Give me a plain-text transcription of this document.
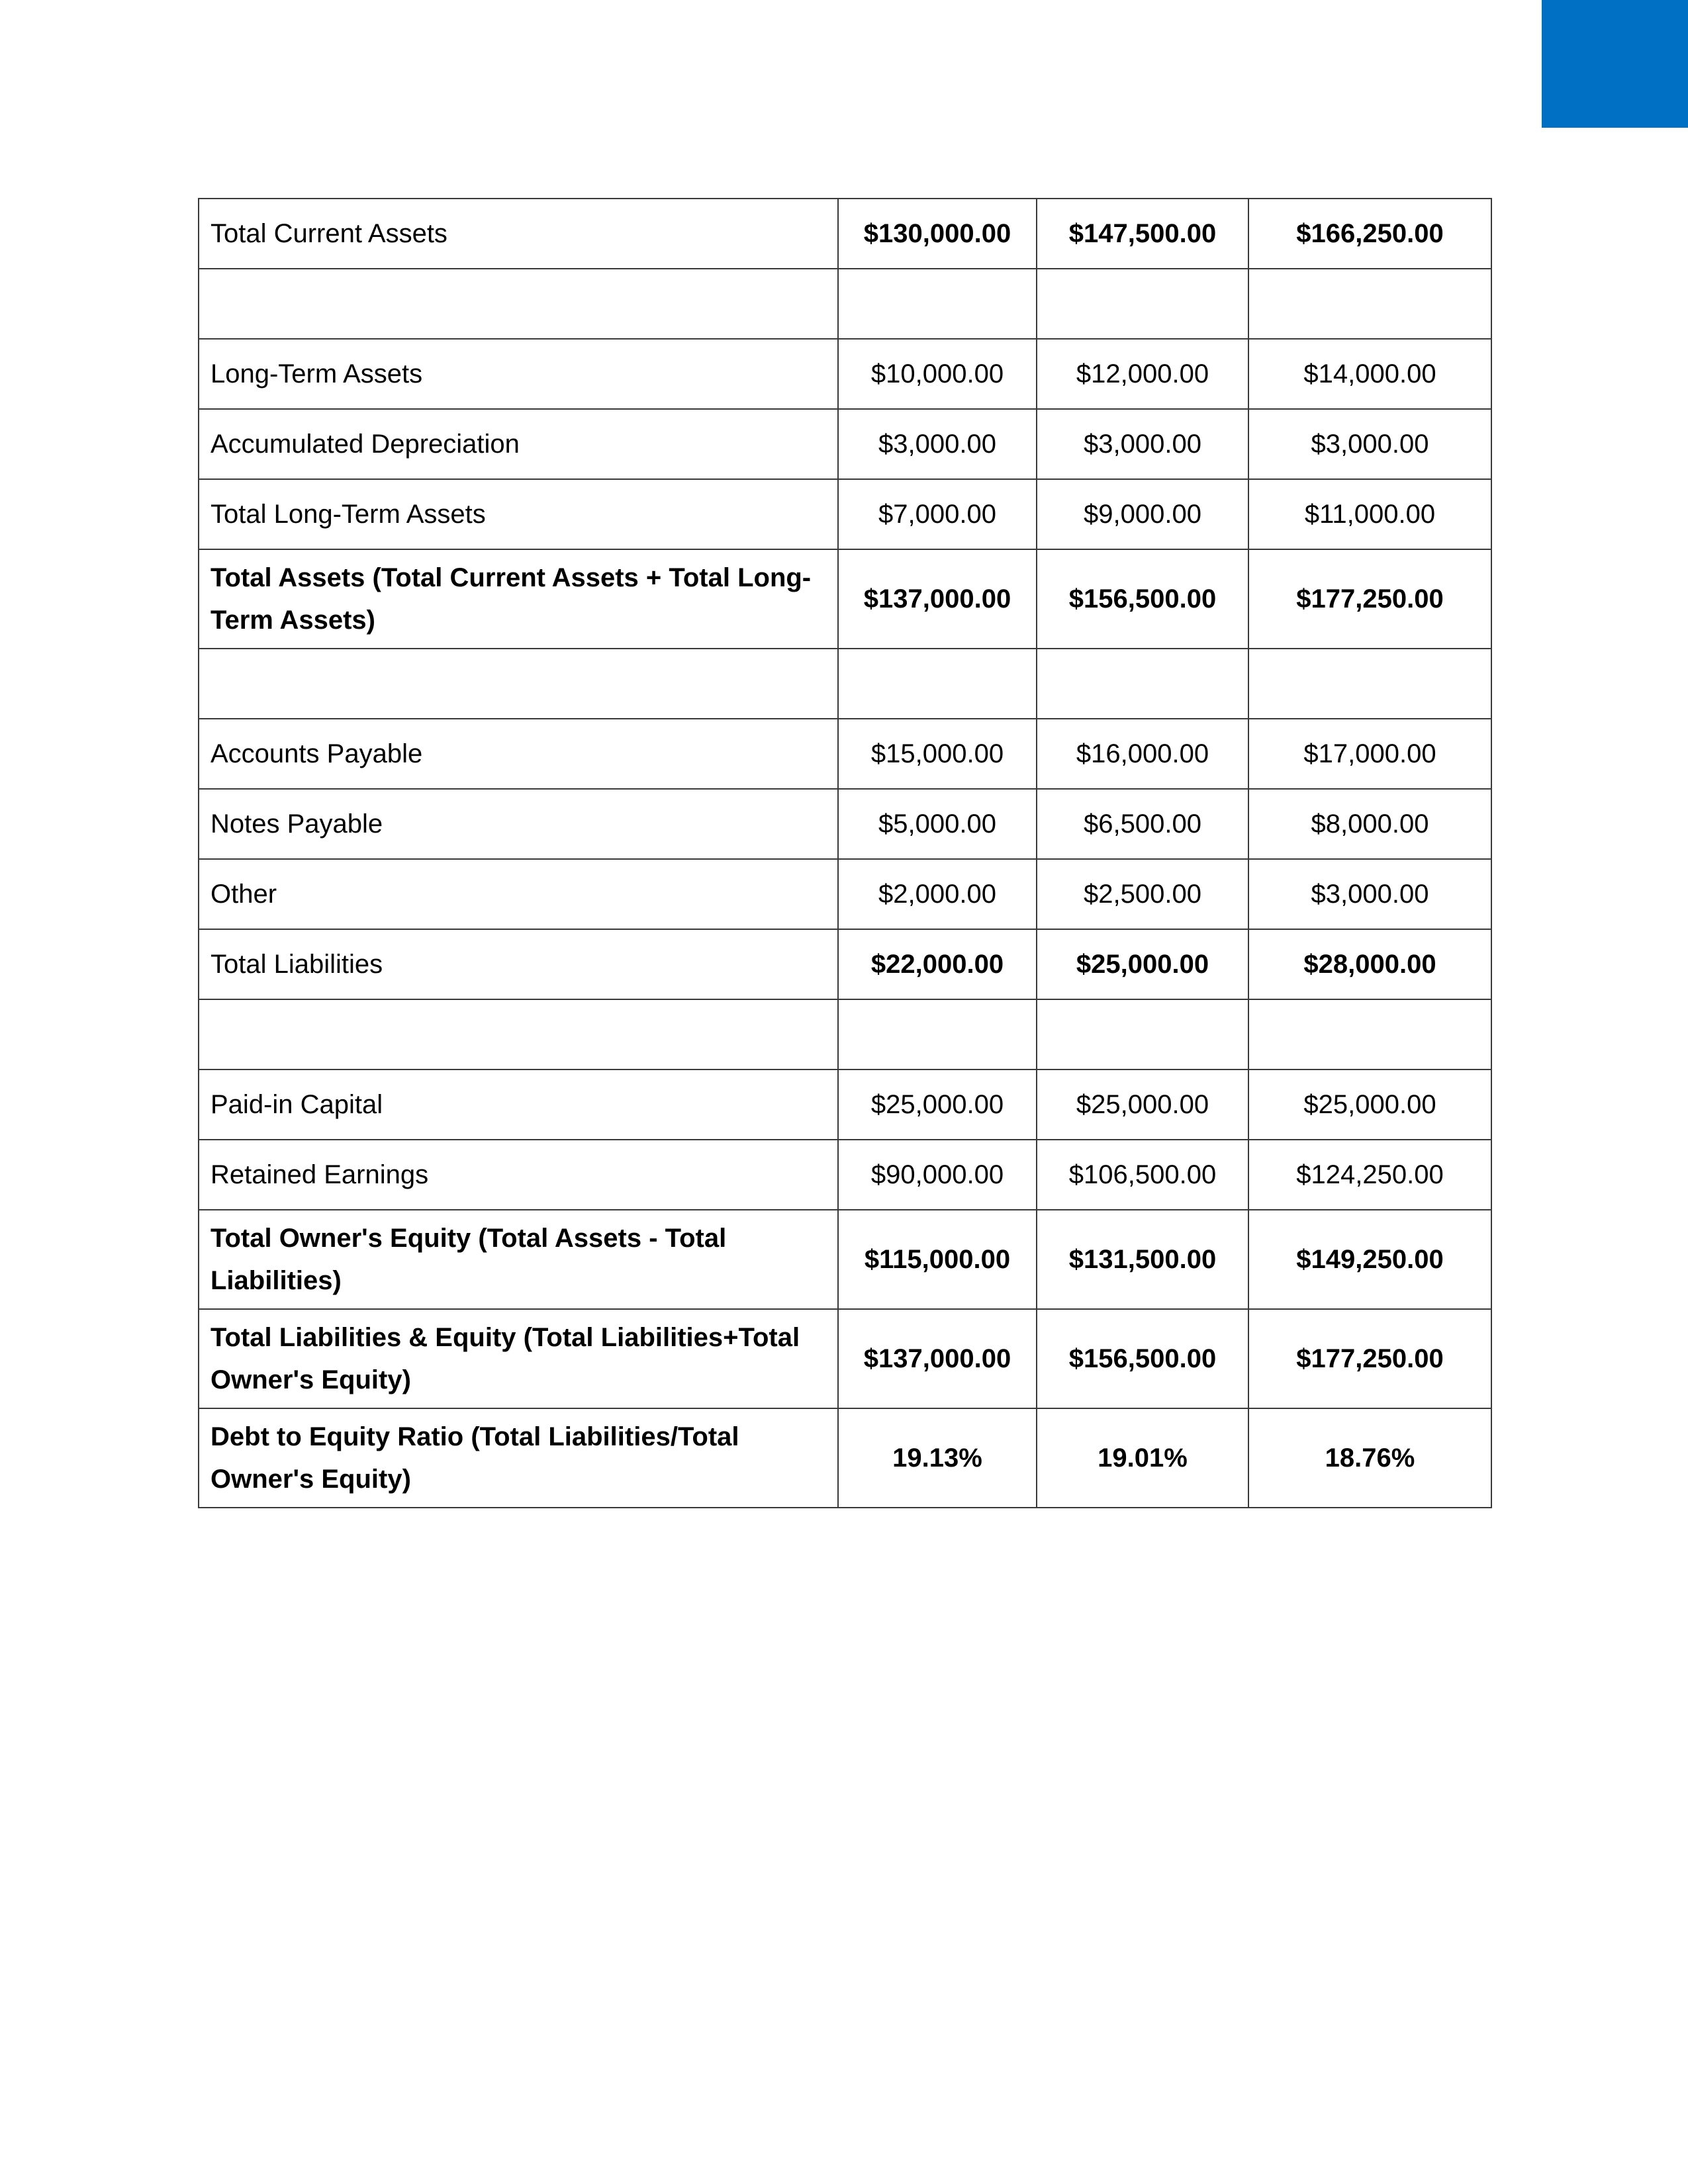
Total Current Assets	$130,000.00	$147,500.00	$166,250.00

Long-Term Assets	$10,000.00	$12,000.00	$14,000.00
Accumulated Depreciation	$3,000.00	$3,000.00	$3,000.00
Total Long-Term Assets	$7,000.00	$9,000.00	$11,000.00
Total Assets (Total Current Assets + Total Long-Term Assets)	$137,000.00	$156,500.00	$177,250.00

Accounts Payable	$15,000.00	$16,000.00	$17,000.00
Notes Payable	$5,000.00	$6,500.00	$8,000.00
Other	$2,000.00	$2,500.00	$3,000.00
Total Liabilities	$22,000.00	$25,000.00	$28,000.00

Paid-in Capital	$25,000.00	$25,000.00	$25,000.00
Retained Earnings	$90,000.00	$106,500.00	$124,250.00
Total Owner's Equity (Total Assets - Total Liabilities)	$115,000.00	$131,500.00	$149,250.00
Total Liabilities & Equity (Total Liabilities+Total Owner's Equity)	$137,000.00	$156,500.00	$177,250.00
Debt to Equity Ratio (Total Liabilities/Total Owner's Equity)	19.13%	19.01%	18.76%
